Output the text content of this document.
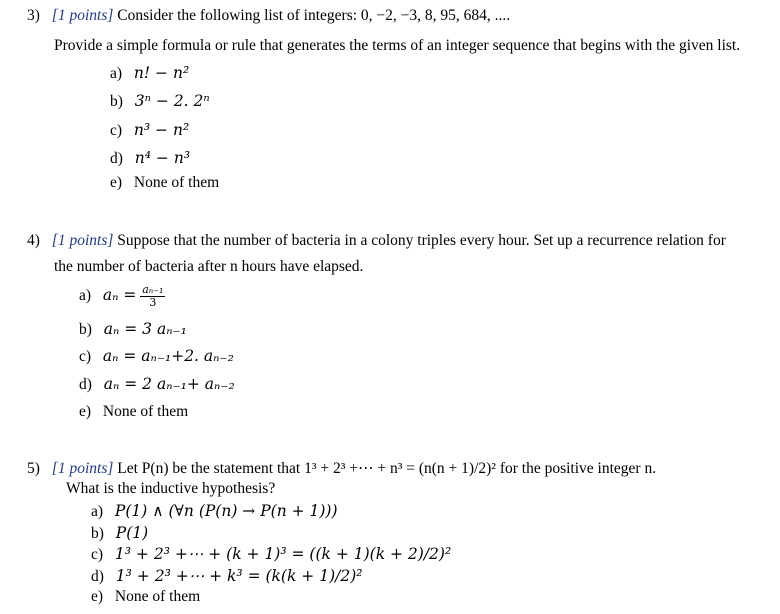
3) [1 points] Consider the following list of integers: 0, −2, −3, 8, 95, 684, ....
Provide a simple formula or rule that generates the terms of an integer sequence that begins with the given list.
a) n! − n²
b) 3ⁿ − 2. 2ⁿ
c) n³ − n²
d) n⁴ − n³
e) None of them
4) [1 points] Suppose that the number of bacteria in a colony triples every hour. Set up a recurrence relation for
the number of bacteria after n hours have elapsed.
a) $a_n = \frac{\text{aₙ₋₁}}{3}$
b) aₙ = 3 aₙ₋₁
c) aₙ = aₙ₋₁+2. aₙ₋₂
d) aₙ = 2 aₙ₋₁+ aₙ₋₂
e) None of them
5) [1 points] Let P(n) be the statement that 1³ + 2³ +⋯ + n³ = (n(n + 1)/2)² for the positive integer n.
What is the inductive hypothesis?
a) P(1) ∧ (∀n (P(n) → P(n + 1)))
b) P(1)
c) 1³ + 2³ +⋯ + (k + 1)³ = ((k + 1)(k + 2)/2)²
d) 1³ + 2³ +⋯ + k³ = (k(k + 1)/2)²
e) None of them
